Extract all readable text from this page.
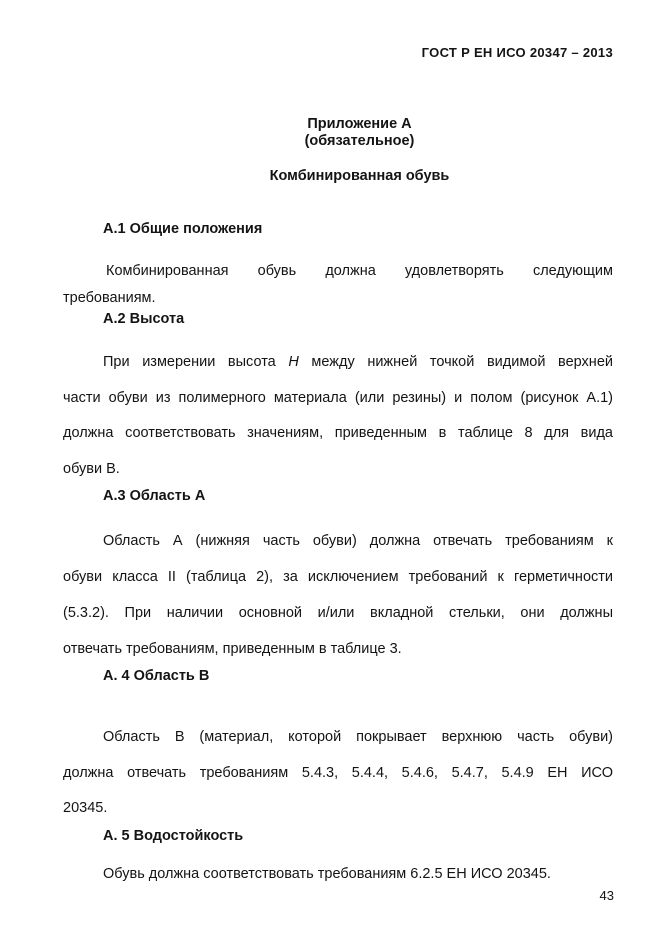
ГОСТ Р ЕН ИСО 20347 – 2013
Приложение А
(обязательное)
Комбинированная обувь
А.1 Общие положения
Комбинированная обувь должна удовлетворять следующим
требованиям.
А.2 Высота
При измерении высота Н между нижней точкой видимой верхней
части обуви из полимерного материала (или резины) и полом (рисунок А.1)
должна соответствовать значениям, приведенным в таблице 8 для вида
обуви В.
А.3 Область А
Область А (нижняя часть обуви) должна отвечать требованиям к
обуви класса II (таблица 2), за исключением требований к герметичности
(5.3.2). При наличии основной и/или вкладной стельки, они должны
отвечать требованиям, приведенным в таблице 3.
А. 4 Область В
Область В (материал, которой покрывает верхнюю часть обуви)
должна отвечать требованиям 5.4.3, 5.4.4, 5.4.6, 5.4.7, 5.4.9 ЕН ИСО
20345.
А. 5 Водостойкость
Обувь должна соответствовать требованиям 6.2.5 ЕН ИСО 20345.
43
